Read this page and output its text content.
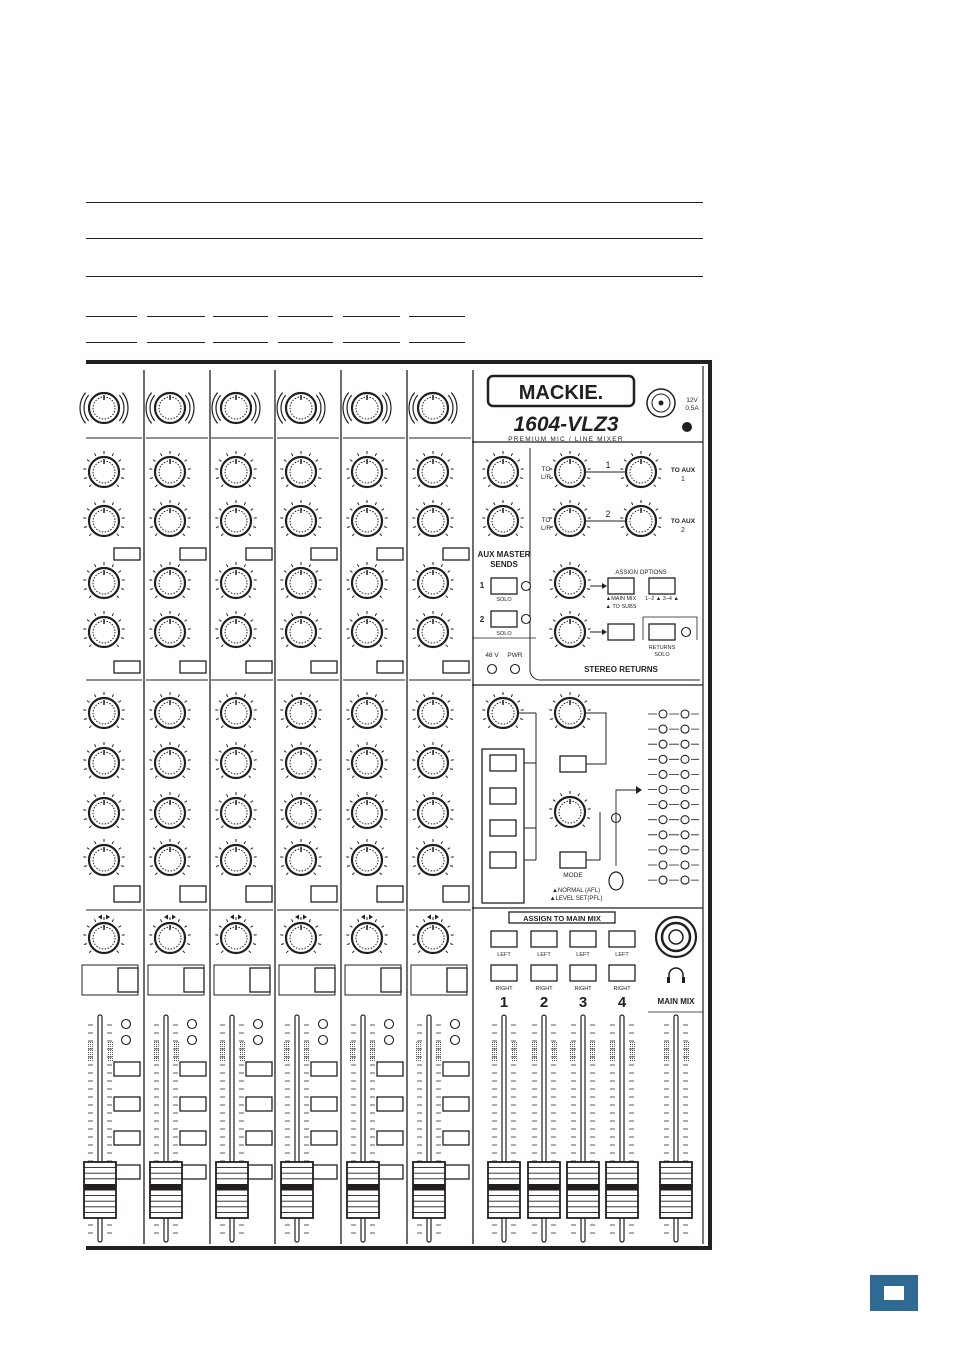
MACKIE.
1604-VLZ3
PREMIUM MIC / LINE MIXER
12V
0.5A
TO
L/R
TO
L/R
1
2
TO AUX
1
TO AUX
2
AUX MASTER
SENDS
1
2
SOLO
SOLO
48 V PWR
ASSIGN OPTIONS
▲MAIN MIX
▲ TO SUBS
1–2 ▲ 3–4 ▲
RETURNS
SOLO
STEREO RETURNS
MODE
▲NORMAL (AFL)
▲LEVEL SET(PFL)
ASSIGN TO MAIN MIX
MAIN MIX
LEFT
RIGHT
1
LEFT
RIGHT
2
LEFT
RIGHT
3
LEFT
RIGHT
4
